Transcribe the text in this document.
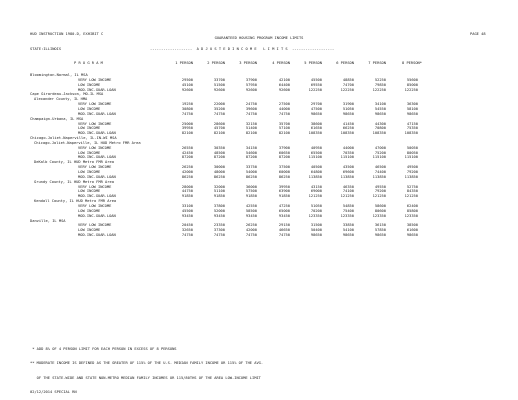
HUD INSTRUCTION 1980-D, EXHIBIT C	PAGE 48
GUARANTEED HOUSING PROGRAM INCOME LIMITS
STATE:ILLINOIS	-------------------  A D J U S T E D I N C O M E   L I M I T S  -------------------
P R O G R A M	1 PERSON	2 PERSON	3 PERSON	4 PERSON	5 PERSON	6 PERSON	7 PERSON	8 PERSON*
Bloomington-Normal, IL MSA
VERY LOW INCOME	29500	33700	37900	42100	45500	48850	52250	55600
LOW INCOME	45100	51500	57950	64400	69550	74700	79850	85000
MOD.INC-GUAR.LOAN	92600	92600	92600	92600	122250	122250	122250	122250
Cape Girardeau-Jackson, MO-IL MSA
Alexander County, IL HMA
VERY LOW INCOME	19250	22000	24750	27500	29700	31900	34100	36300
LOW INCOME	30800	35200	39600	44000	47500	51050	54550	58100
MOD.INC-GUAR.LOAN	74750	74750	74750	74750	98650	98650	98650	98650
Champaign-Urbana, IL MSA
VERY LOW INCOME	25000	28600	32150	35700	38600	41450	44300	47150
LOW INCOME	39950	45700	51400	57100	61650	66250	70800	75350
MOD.INC-GUAR.LOAN	82100	82100	82100	82100	108350	108350	108350	108350
Chicago-Joliet-Naperville, IL-IN-WI MSA
Chicago-Joliet-Naperville, IL HUD Metro FMR Area
VERY LOW INCOME	26550	30350	34150	37900	40950	44000	47000	50050
LOW INCOME	42450	48500	54600	60650	65500	70350	75200	80050
MOD.INC-GUAR.LOAN	87200	87200	87200	87200	115100	115100	115100	115100
DeKalb County, IL HUD Metro FMR Area
VERY LOW INCOME	26250	30000	33750	37500	40500	43500	46500	49500
LOW INCOME	42000	48000	54000	60000	64800	69600	74400	79200
MOD.INC-GUAR.LOAN	86250	86250	86250	86250	113850	113850	113850	113850
Grundy County, IL HUD Metro FMR Area
VERY LOW INCOME	28000	32000	36000	39950	43150	46350	49550	52750
LOW INCOME	44750	51100	57500	63900	69000	74100	79200	84350
MOD.INC-GUAR.LOAN	91850	91850	91850	91850	121250	121250	121250	121250
Kendall County, IL HUD Metro FMR Area
VERY LOW INCOME	33100	37800	42550	47250	51050	54850	58600	62400
LOW INCOME	45500	52000	58500	65000	70200	75400	80600	85800
MOD.INC-GUAR.LOAN	93450	93450	93450	93450	123350	123350	123350	123350
Danville, IL MSA
VERY LOW INCOME	20450	23350	26250	29150	31500	33850	36150	38500
LOW INCOME	32650	37300	42000	46650	50400	54100	57850	61600
MOD.INC-GUAR.LOAN	74750	74750	74750	74750	98650	98650	98650	98650

* ADD 8% OF 4 PERSON LIMIT FOR EACH PERSON IN EXCESS OF 8 PERSONS

** MODERATE INCOME IS DEFINED AS THE GREATER OF 115% OF THE U.S. MEDIAN FAMILY INCOME OR 115% OF THE AVG.

OF THE STATE-WIDE AND STATE NON-METRO MEDIAN FAMILY INCOMES OR 115/80THS OF THE AREA LOW-INCOME LIMIT

02/12/2014 SPECIAL RN
